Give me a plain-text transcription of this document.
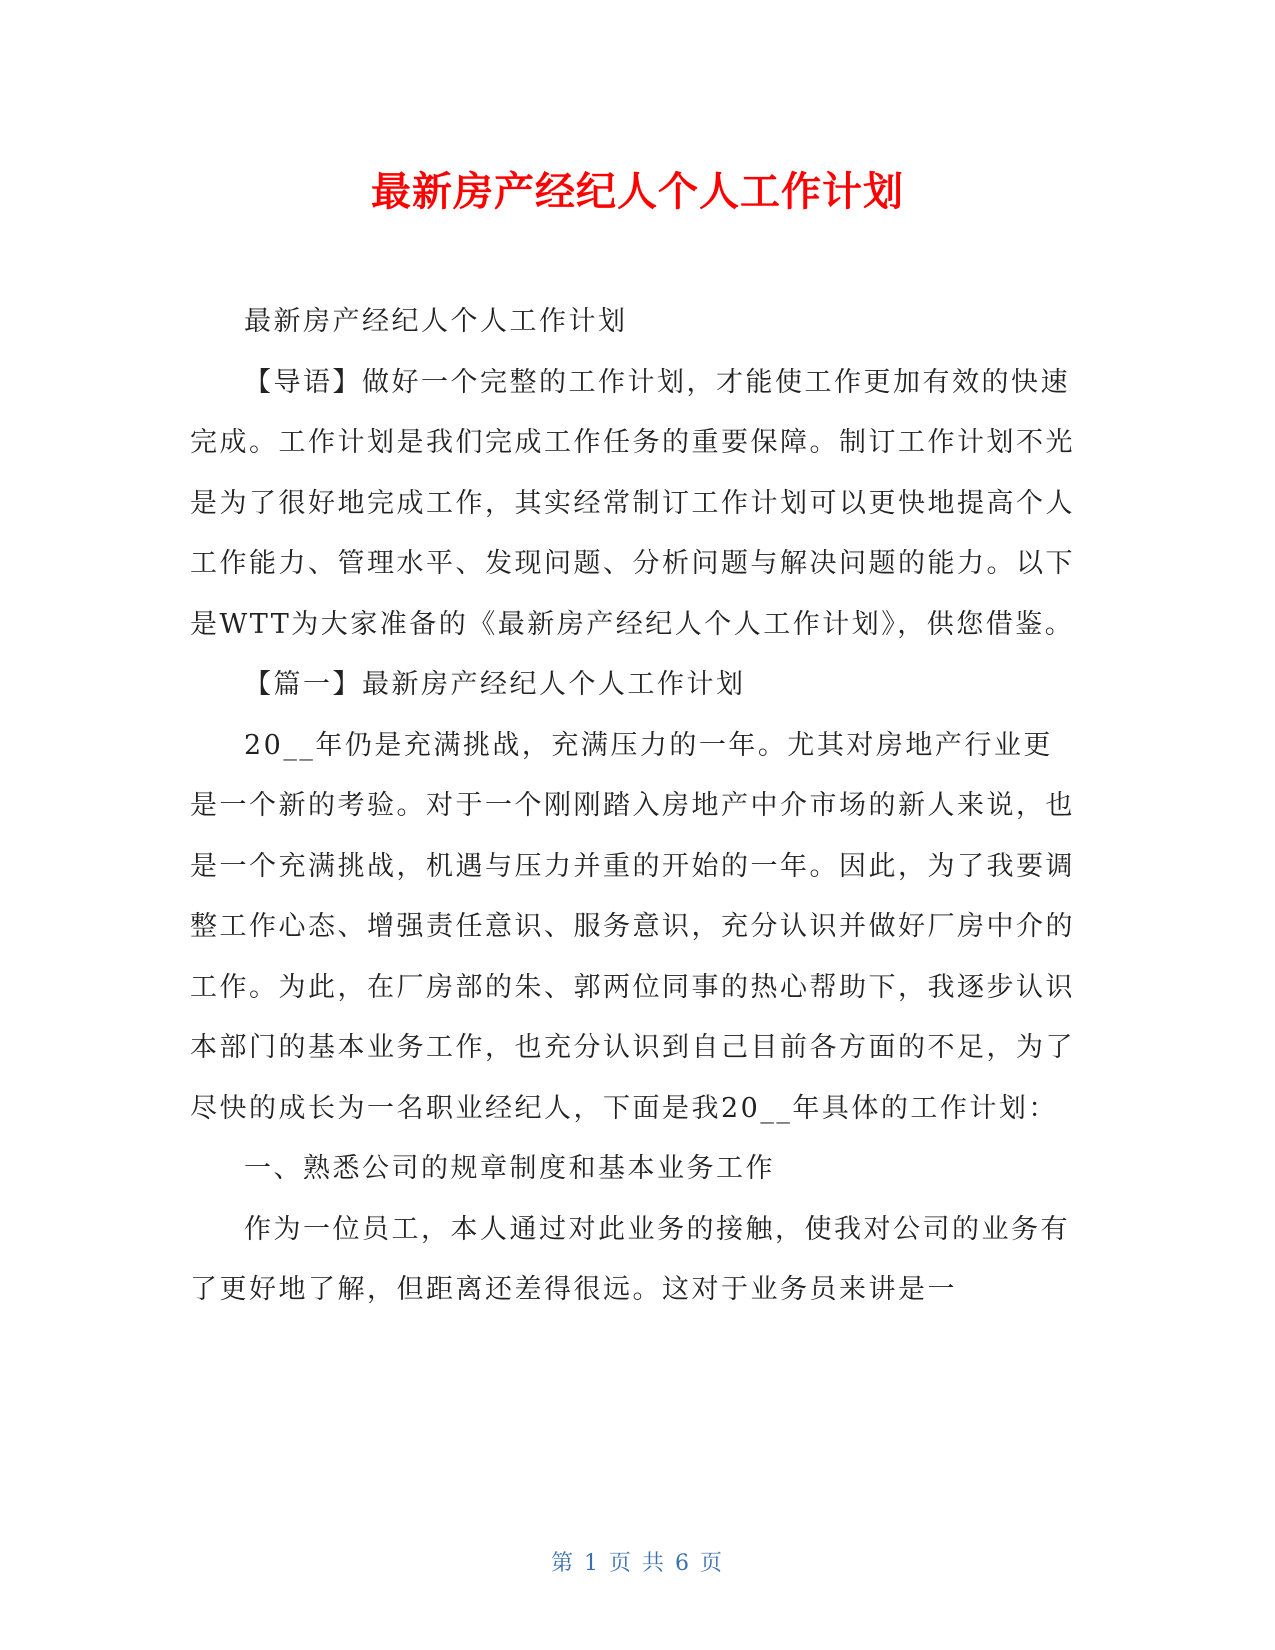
最新房产经纪人个人工作计划

最新房产经纪人个人工作计划

【导语】做好一个完整的工作计划，才能使工作更加有效的快速完成。工作计划是我们完成工作任务的重要保障。制订工作计划不光是为了很好地完成工作，其实经常制订工作计划可以更快地提高个人工作能力、管理水平、发现问题、分析问题与解决问题的能力。以下是WTT为大家准备的《最新房产经纪人个人工作计划》，供您借鉴。

【篇一】最新房产经纪人个人工作计划

20__年仍是充满挑战，充满压力的一年。尤其对房地产行业更是一个新的考验。对于一个刚刚踏入房地产中介市场的新人来说，也是一个充满挑战，机遇与压力并重的开始的一年。因此，为了我要调整工作心态、增强责任意识、服务意识，充分认识并做好厂房中介的工作。为此，在厂房部的朱、郭两位同事的热心帮助下，我逐步认识本部门的基本业务工作，也充分认识到自己目前各方面的不足，为了尽快的成长为一名职业经纪人，下面是我20__年具体的工作计划：

一、熟悉公司的规章制度和基本业务工作

作为一位员工，本人通过对此业务的接触，使我对公司的业务有了更好地了解，但距离还差得很远。这对于业务员来讲是一

第 1 页 共 6 页
